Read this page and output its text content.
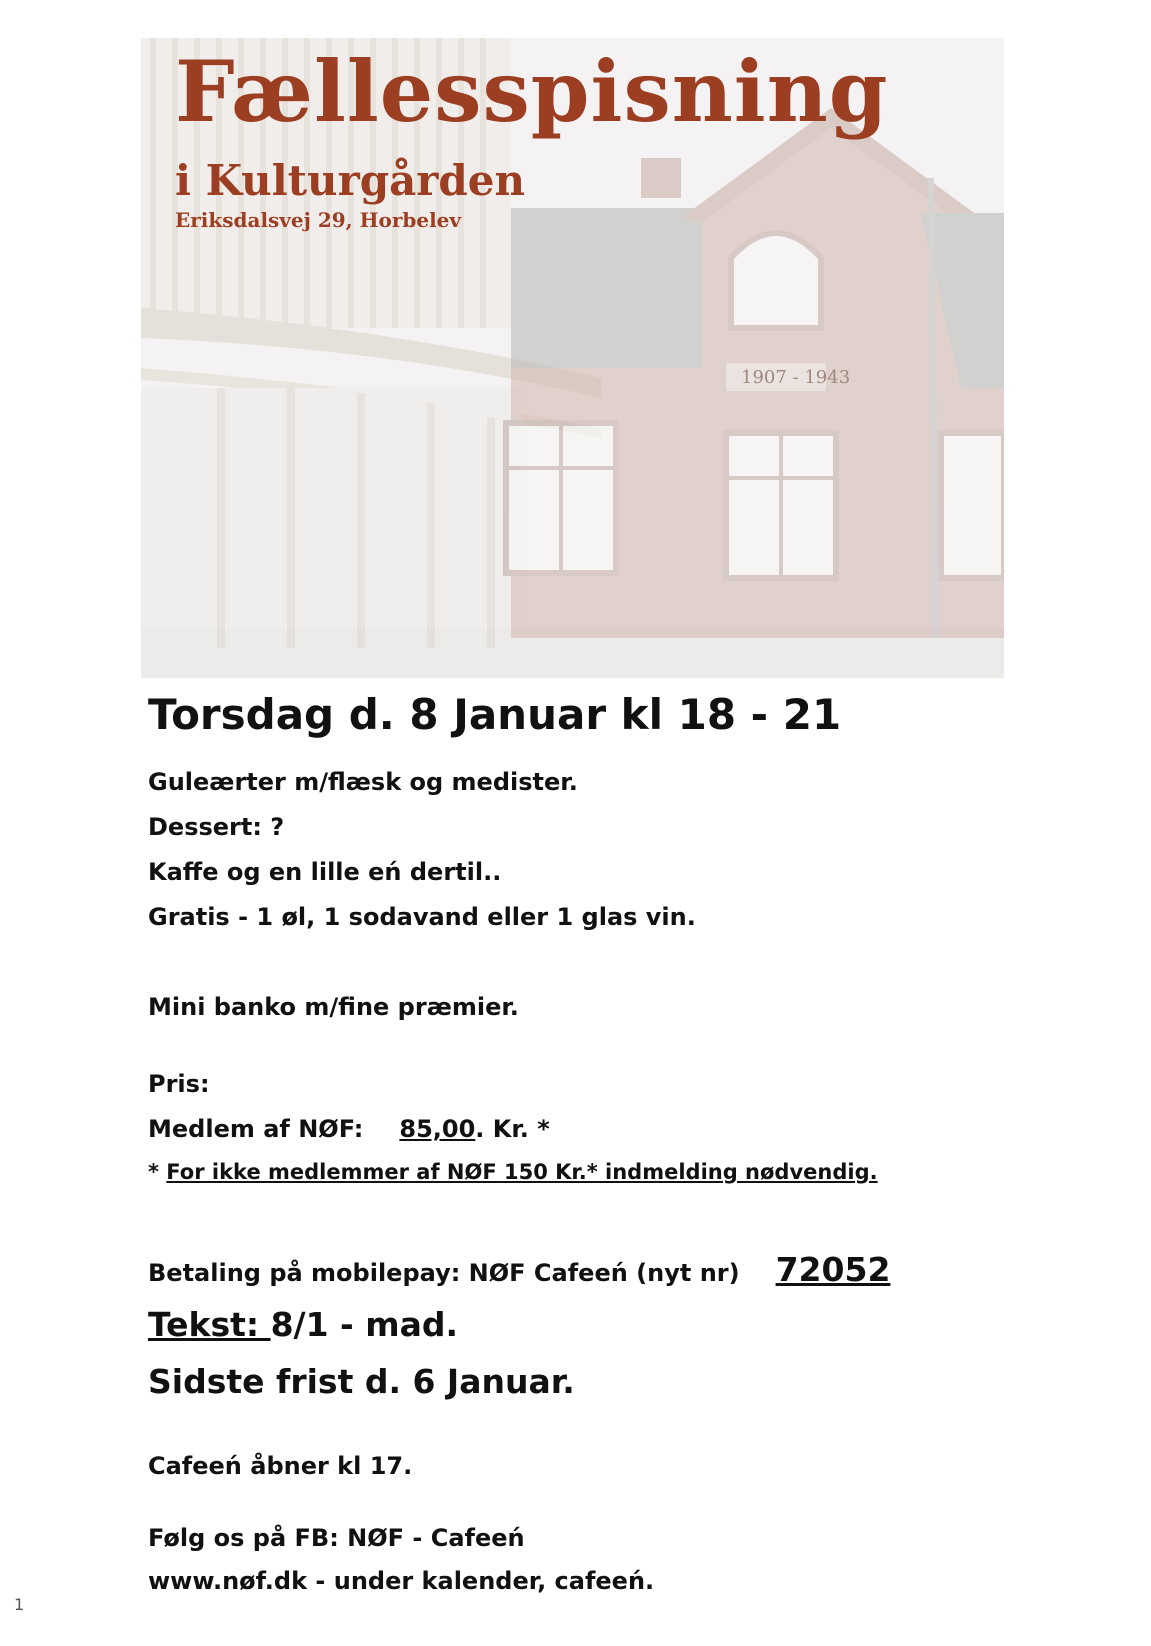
1907 - 1943
Fællesspisning
i Kulturgården

Eriksdalsvej 29, Horbelev

Torsdag d. 8 Januar kl 18 - 21

Guleærter m/flæsk og medister.

Dessert: ?

Kaffe og en lille eń dertil..

Gratis - 1 øl, 1 sodavand eller 1 glas vin.

Mini banko m/fine præmier.

Pris:

Medlem af NØF: 85,00. Kr. *

* For ikke medlemmer af NØF 150 Kr.* indmelding nødvendig.

Betaling på mobilepay: NØF Cafeeń (nyt nr) 72052

Tekst: 8/1 - mad.

Sidste frist d. 6 Januar.

Cafeeń åbner kl 17.

Følg os på FB: NØF - Cafeeń

www.nøf.dk - under kalender, cafeeń.

1
